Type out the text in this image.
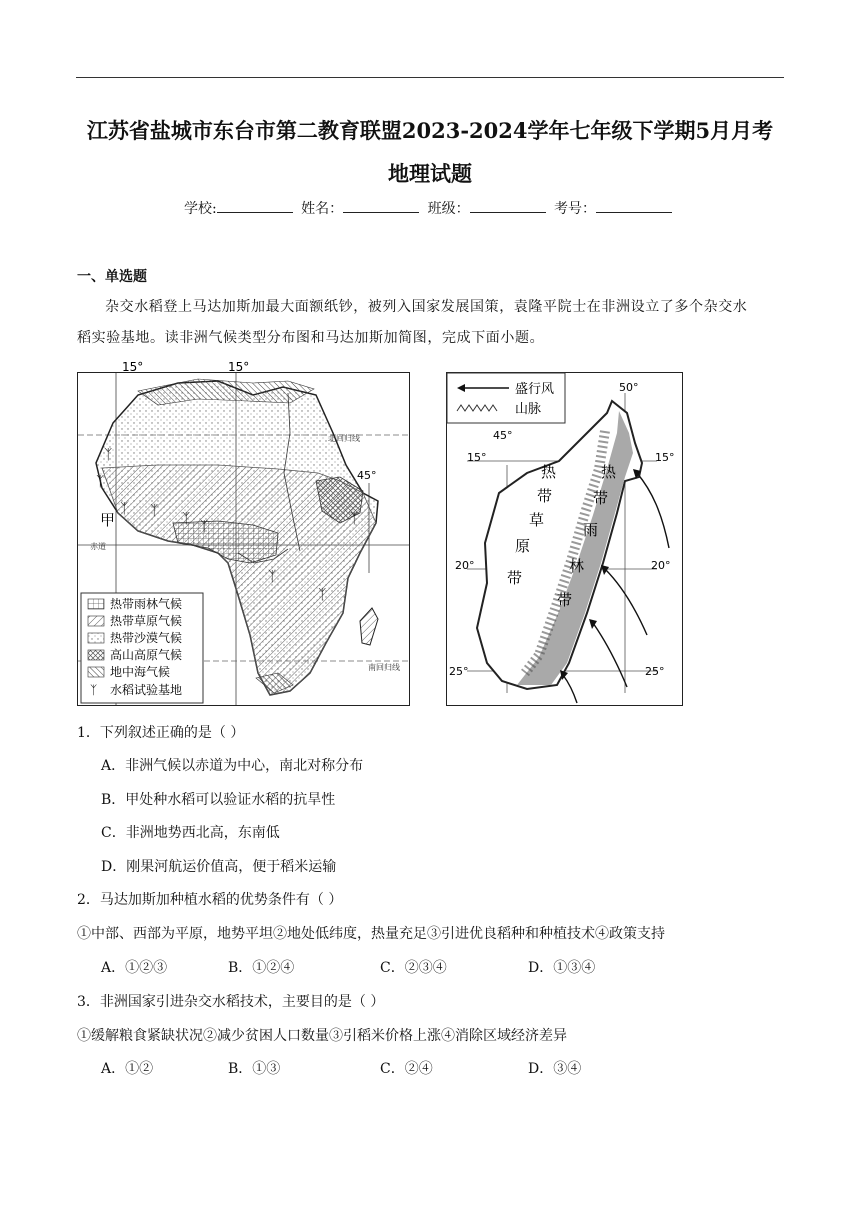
江苏省盐城市东台市第二教育联盟2023-2024学年七年级下学期5月月考
地理试题
学校:	姓名：	班级：	考号：
一、单选题
杂交水稻登上马达加斯加最大面额纸钞，被列入国家发展国策，袁隆平院士在非洲设立了多个杂交水
稻实验基地。读非洲气候类型分布图和马达加斯加简图，完成下面小题。
15°	15°
45°
北回归线
赤道
南回归线
甲
ᛉ
ᛉ
ᛉ ᛉ ᛉ ᛉ
ᛉ
ᛉ
ᛉ
ᛉ
热带雨林气候
热带草原气候
热带沙漠气候
高山高原气候
地中海气候
水稻试验基地
盛行风
山脉
50°
45°
15°	15°
20°	20°
25°	25°
热
带
草
原
带
热
带
雨
林
带
1．下列叙述正确的是（ ）
A．非洲气候以赤道为中心，南北对称分布
B．甲处种水稻可以验证水稻的抗旱性
C．非洲地势西北高，东南低
D．刚果河航运价值高，便于稻米运输
2．马达加斯加种植水稻的优势条件有（ ）
①中部、西部为平原，地势平坦②地处低纬度，热量充足③引进优良稻种和种植技术④政策支持
A．①②③	B．①②④	C．②③④	D．①③④
3．非洲国家引进杂交水稻技术，主要目的是（ ）
①缓解粮食紧缺状况②减少贫困人口数量③引稻米价格上涨④消除区域经济差异
A．①②	B．①③	C．②④	D．③④
